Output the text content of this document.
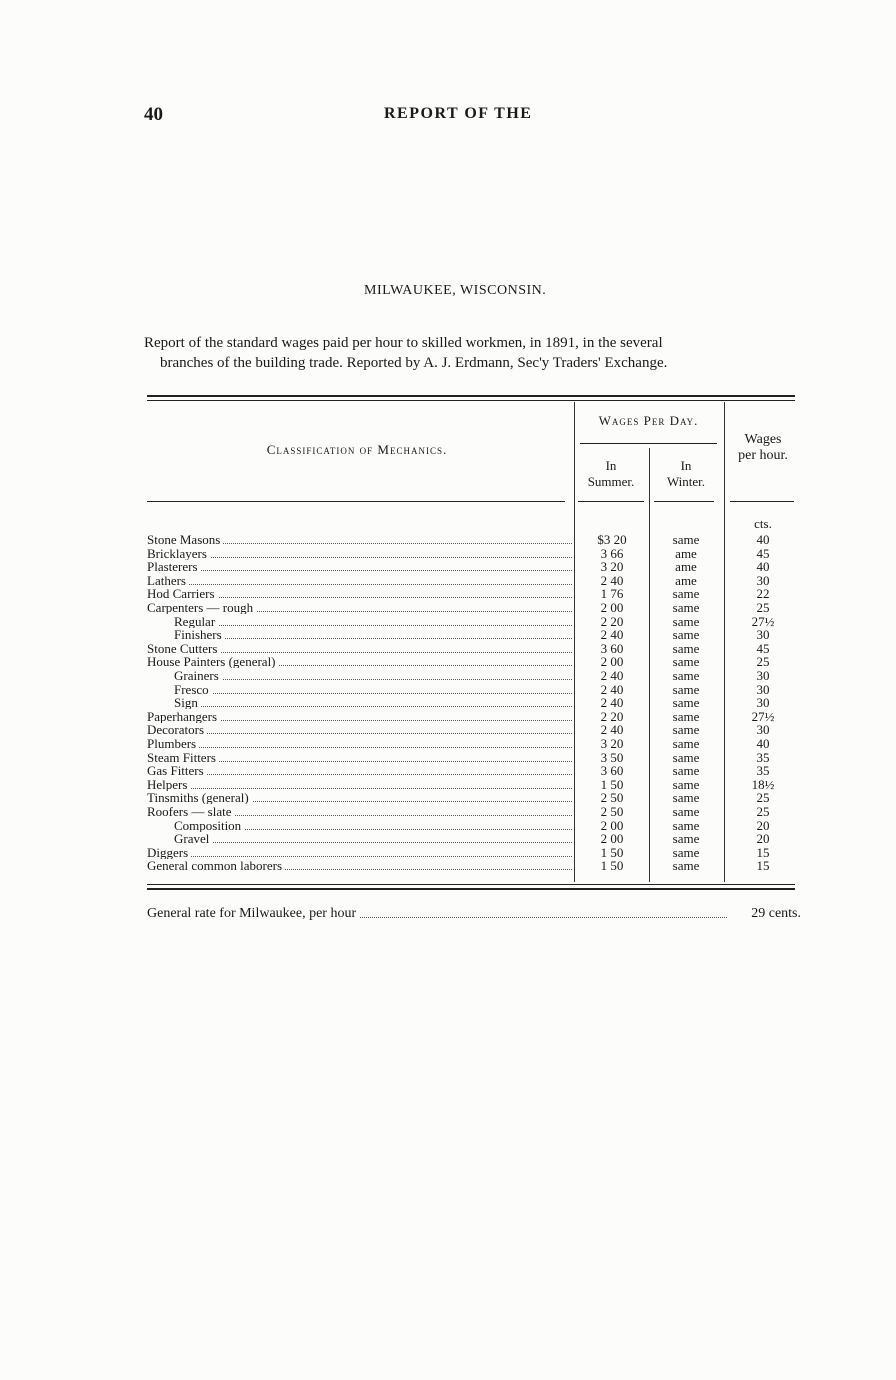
40	REPORT OF THE
MILWAUKEE, WISCONSIN.
Report of the standard wages paid per hour to skilled workmen, in 1891, in the several
branches of the building trade. Reported by A. J. Erdmann, Sec'y Traders' Exchange.
Classification of Mechanics.
Wages Per Day.
In
Summer.
In
Winter.
Wages
per hour.
cts.
Stone Masons	$3 20	same	40
Bricklayers	3 66	ame	45
Plasterers	3 20	ame	40
Lathers	2 40	ame	30
Hod Carriers	1 76	same	22
Carpenters — rough	2 00	same	25
Regular	2 20	same	27½
Finishers	2 40	same	30
Stone Cutters	3 60	same	45
House Painters (general)	2 00	same	25
Grainers	2 40	same	30
Fresco	2 40	same	30
Sign	2 40	same	30
Paperhangers	2 20	same	27½
Decorators	2 40	same	30
Plumbers	3 20	same	40
Steam Fitters	3 50	same	35
Gas Fitters	3 60	same	35
Helpers	1 50	same	18½
Tinsmiths (general)	2 50	same	25
Roofers — slate	2 50	same	25
Composition	2 00	same	20
Gravel	2 00	same	20
Diggers	1 50	same	15
General common laborers	1 50	same	15
General rate for Milwaukee, per hour	29 cents.
